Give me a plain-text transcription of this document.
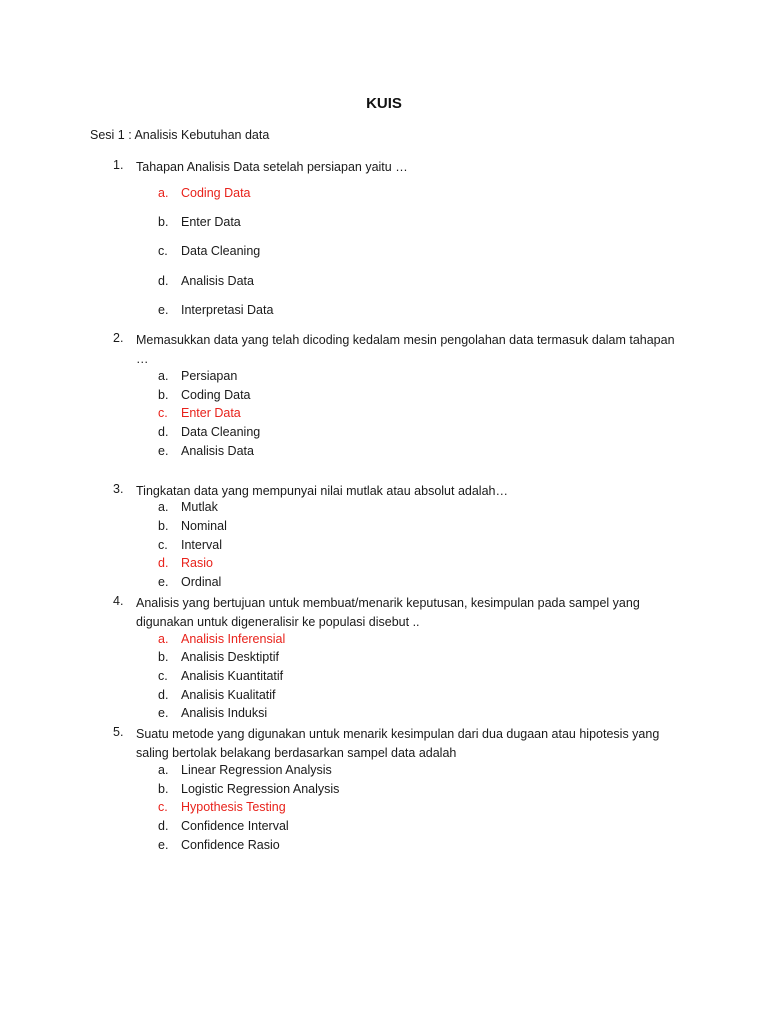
KUIS
Sesi 1 : Analisis Kebutuhan data
1. Tahapan Analisis Data setelah persiapan yaitu …
a. Coding Data
b. Enter Data
c. Data Cleaning
d. Analisis Data
e. Interpretasi Data
2. Memasukkan data yang telah dicoding kedalam mesin pengolahan data termasuk dalam tahapan …
a. Persiapan
b. Coding Data
c. Enter Data
d. Data Cleaning
e. Analisis Data
3. Tingkatan data yang mempunyai nilai mutlak atau absolut adalah…
a. Mutlak
b. Nominal
c. Interval
d. Rasio
e. Ordinal
4. Analisis yang bertujuan untuk membuat/menarik keputusan, kesimpulan pada sampel yang digunakan untuk digeneralisir ke populasi disebut ..
a. Analisis Inferensial
b. Analisis Desktiptif
c. Analisis Kuantitatif
d. Analisis Kualitatif
e. Analisis Induksi
5. Suatu metode yang digunakan untuk menarik kesimpulan dari dua dugaan atau hipotesis yang saling bertolak belakang berdasarkan sampel data adalah
a. Linear Regression Analysis
b. Logistic Regression Analysis
c. Hypothesis Testing
d. Confidence Interval
e. Confidence Rasio
